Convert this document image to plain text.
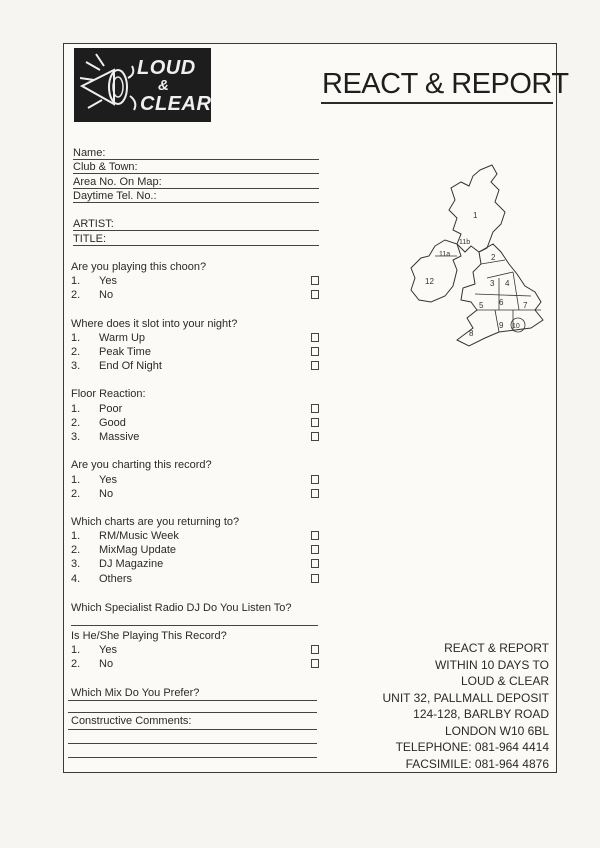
LOUD
&
CLEAR
REACT & REPORT
Name:
Club & Town:
Area No. On Map:
Daytime Tel. No.:
ARTIST:
TITLE:
Are you playing this choon?
1. Yes
2. No
Where does it slot into your night?
1. Warm Up
2. Peak Time
3. End Of Night
Floor Reaction:
1. Poor
2. Good
3. Massive
Are you charting this record?
1. Yes
2. No
Which charts are you returning to?
1. RM/Music Week
2. MixMag Update
3. DJ Magazine
4. Others
Which Specialist Radio DJ Do You Listen To?
Is He/She Playing This Record?
1. Yes
2. No
Which Mix Do You Prefer?
Constructive Comments:
1
2
3 4
5 6 7
8
9 10
11a
11b
12
REACT & REPORT
WITHIN 10 DAYS TO
LOUD & CLEAR
UNIT 32, PALLMALL DEPOSIT
124-128, BARLBY ROAD
LONDON W10 6BL
TELEPHONE: 081-964 4414
FACSIMILE: 081-964 4876
